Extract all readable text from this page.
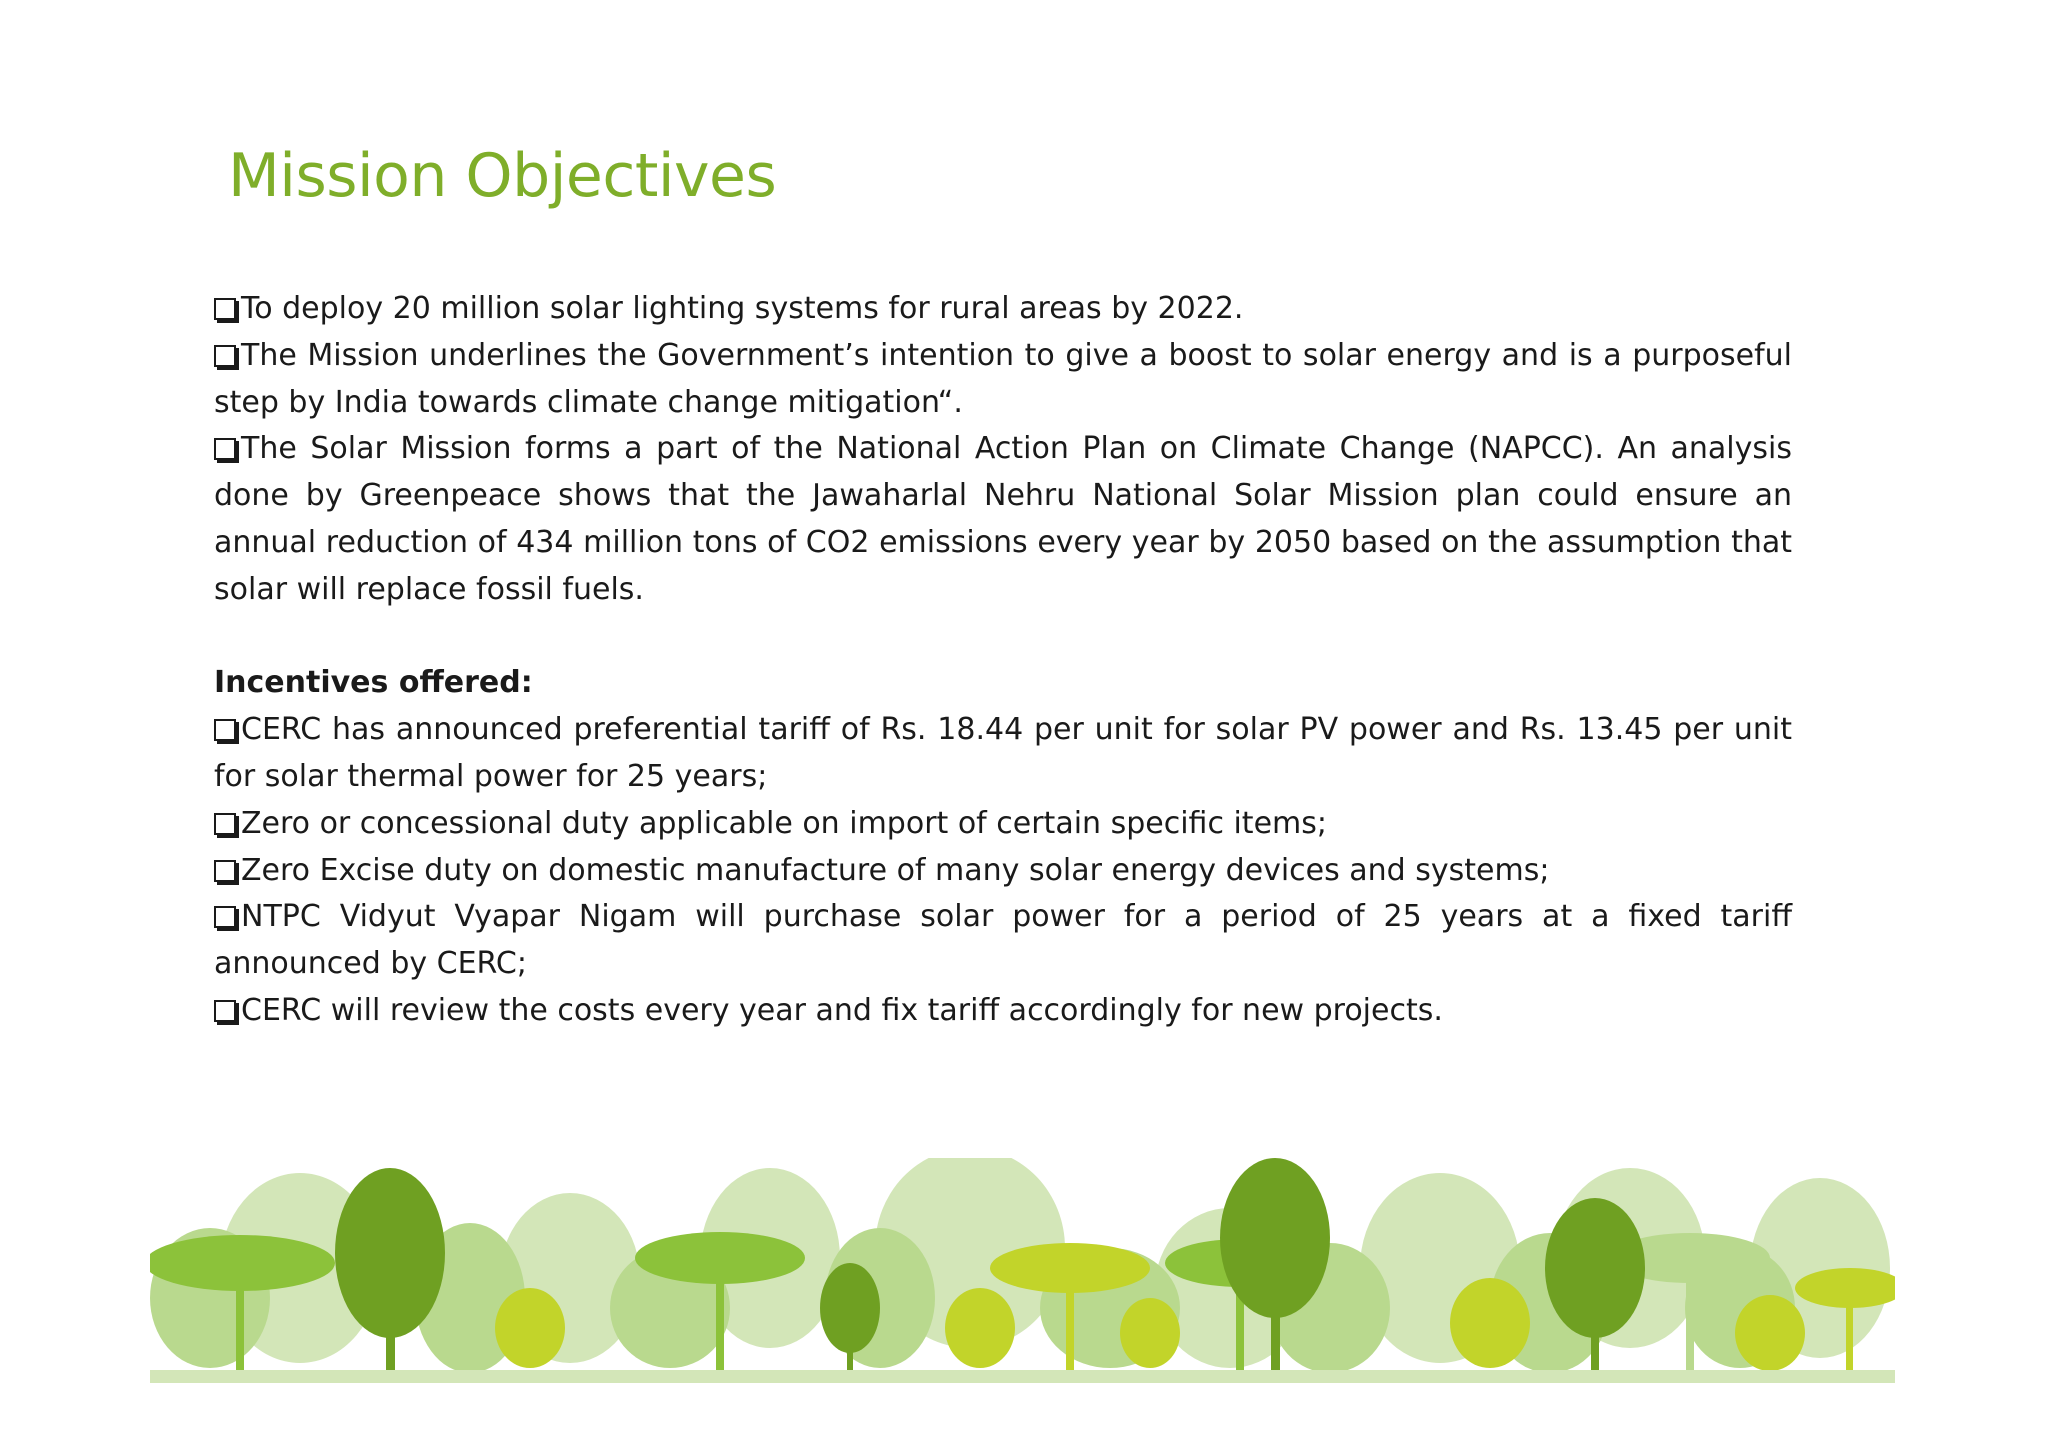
Mission Objectives

To deploy 20 million solar lighting systems for rural areas by 2022.

The Mission underlines the Government’s intention to give a boost to solar energy and is a purposeful step by India towards climate change mitigation“.

The Solar Mission forms a part of the National Action Plan on Climate Change (NAPCC). An analysis done by Greenpeace shows that the Jawaharlal Nehru National Solar Mission plan could ensure an annual reduction of 434 million tons of CO2 emissions every year by 2050 based on the assumption that solar will replace fossil fuels.

Incentives offered:

CERC has announced preferential tariff of Rs. 18.44 per unit for solar PV power and Rs. 13.45 per unit for solar thermal power for 25 years;

Zero or concessional duty applicable on import of certain specific items;

Zero Excise duty on domestic manufacture of many solar energy devices and systems;

NTPC Vidyut Vyapar Nigam will purchase solar power for a period of 25 years at a fixed tariff announced by CERC;

CERC will review the costs every year and fix tariff accordingly for new projects.
